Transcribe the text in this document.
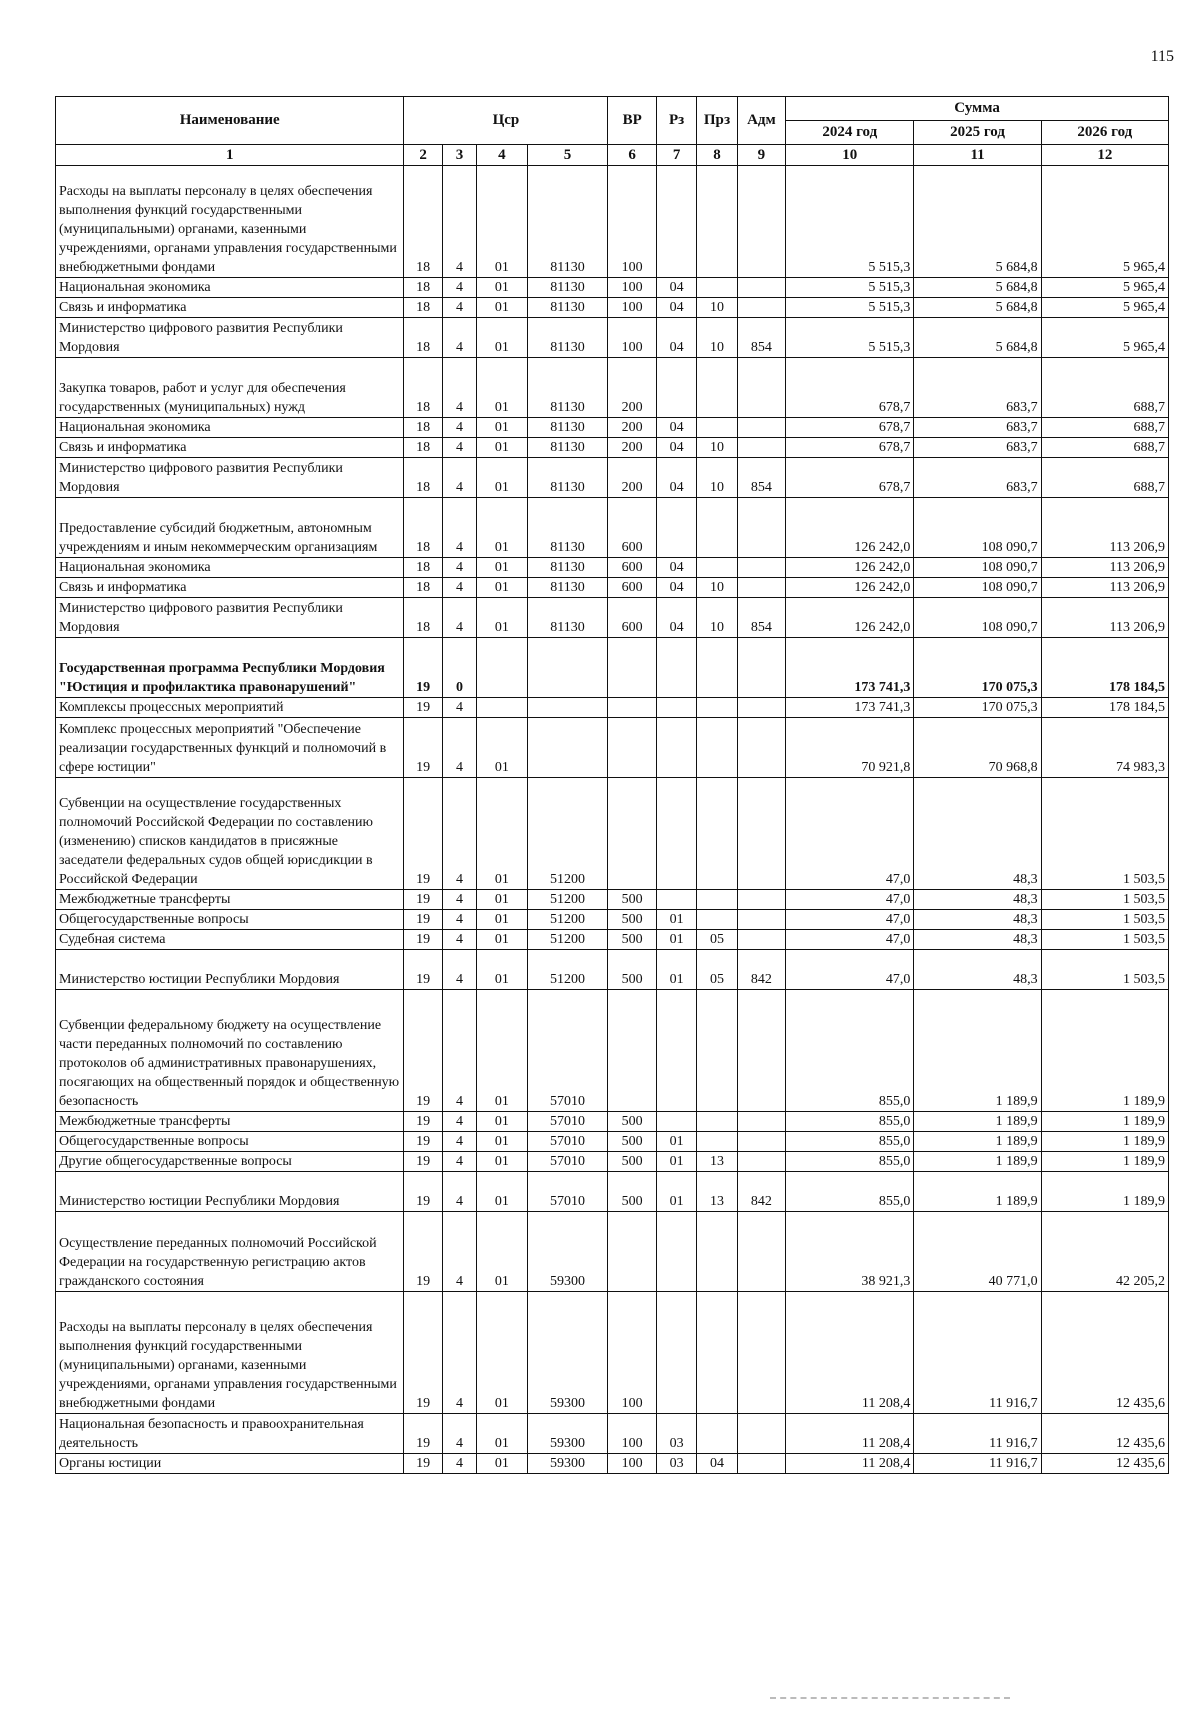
115
Наименование	Цср				ВР	Рз	Прз	Адм	Сумма		
									2024 год	2025 год	2026 год
1	2	3	4	5	6	7	8	9	10	11	12
Расходы на выплаты персоналу в целях обеспечения выполнения функций государственными (муниципальными) органами, казенными учреждениями, органами управления государственными внебюджетными фондами	18	4	01	81130	100				5 515,3	5 684,8	5 965,4
Национальная экономика	18	4	01	81130	100	04			5 515,3	5 684,8	5 965,4
Связь и информатика	18	4	01	81130	100	04	10		5 515,3	5 684,8	5 965,4
Министерство цифрового развития Республики Мордовия	18	4	01	81130	100	04	10	854	5 515,3	5 684,8	5 965,4
Закупка товаров, работ и услуг для обеспечения государственных (муниципальных) нужд	18	4	01	81130	200				678,7	683,7	688,7
Национальная экономика	18	4	01	81130	200	04			678,7	683,7	688,7
Связь и информатика	18	4	01	81130	200	04	10		678,7	683,7	688,7
Министерство цифрового развития Республики Мордовия	18	4	01	81130	200	04	10	854	678,7	683,7	688,7
Предоставление субсидий бюджетным, автономным учреждениям и иным некоммерческим организациям	18	4	01	81130	600				126 242,0	108 090,7	113 206,9
Национальная экономика	18	4	01	81130	600	04			126 242,0	108 090,7	113 206,9
Связь и информатика	18	4	01	81130	600	04	10		126 242,0	108 090,7	113 206,9
Министерство цифрового развития Республики Мордовия	18	4	01	81130	600	04	10	854	126 242,0	108 090,7	113 206,9
Государственная программа Республики Мордовия "Юстиция и профилактика правонарушений"	19	0							173 741,3	170 075,3	178 184,5
Комплексы процессных мероприятий	19	4							173 741,3	170 075,3	178 184,5
Комплекс процессных мероприятий "Обеспечение реализации государственных функций и полномочий в сфере юстиции"	19	4	01						70 921,8	70 968,8	74 983,3
Субвенции на осуществление государственных полномочий Российской Федерации по составлению (изменению) списков кандидатов в присяжные заседатели федеральных судов общей юрисдикции в Российской Федерации	19	4	01	51200					47,0	48,3	1 503,5
Межбюджетные трансферты	19	4	01	51200	500				47,0	48,3	1 503,5
Общегосударственные вопросы	19	4	01	51200	500	01			47,0	48,3	1 503,5
Судебная система	19	4	01	51200	500	01	05		47,0	48,3	1 503,5
Министерство юстиции Республики Мордовия	19	4	01	51200	500	01	05	842	47,0	48,3	1 503,5
Субвенции федеральному бюджету на осуществление части переданных полномочий по составлению протоколов об административных правонарушениях, посягающих на общественный порядок и общественную безопасность	19	4	01	57010					855,0	1 189,9	1 189,9
Межбюджетные трансферты	19	4	01	57010	500				855,0	1 189,9	1 189,9
Общегосударственные вопросы	19	4	01	57010	500	01			855,0	1 189,9	1 189,9
Другие общегосударственные вопросы	19	4	01	57010	500	01	13		855,0	1 189,9	1 189,9
Министерство юстиции Республики Мордовия	19	4	01	57010	500	01	13	842	855,0	1 189,9	1 189,9
Осуществление переданных полномочий Российской Федерации на государственную регистрацию актов гражданского состояния	19	4	01	59300					38 921,3	40 771,0	42 205,2
Расходы на выплаты персоналу в целях обеспечения выполнения функций государственными (муниципальными) органами, казенными учреждениями, органами управления государственными внебюджетными фондами	19	4	01	59300	100				11 208,4	11 916,7	12 435,6
Национальная безопасность и правоохранительная деятельность	19	4	01	59300	100	03			11 208,4	11 916,7	12 435,6
Органы юстиции	19	4	01	59300	100	03	04		11 208,4	11 916,7	12 435,6
